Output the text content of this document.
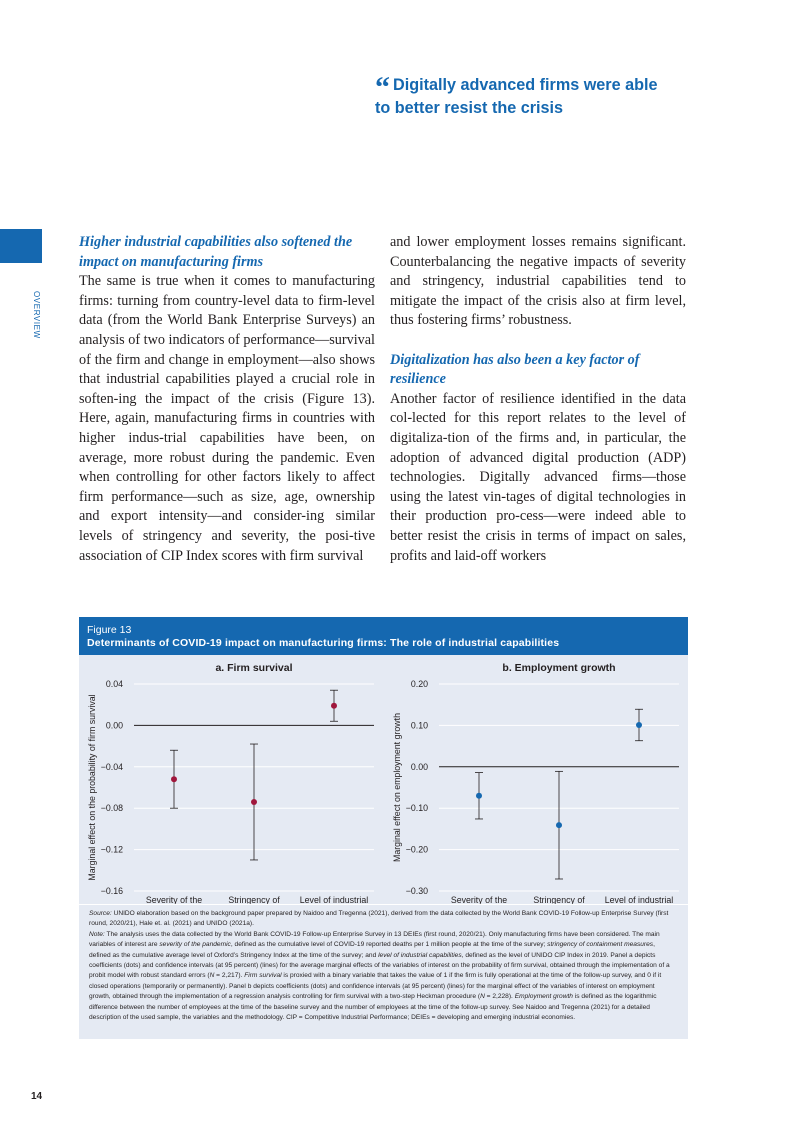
“ Digitally advanced firms were able to better resist the crisis
OVERVIEW
Higher industrial capabilities also softened the impact on manufacturing firms

The same is true when it comes to manufacturing firms: turning from country-level data to firm-level data (from the World Bank Enterprise Surveys) an analysis of two indicators of performance—survival of the firm and change in employment—also shows that industrial capabilities played a crucial role in soften-ing the impact of the crisis (Figure 13). Here, again, manufacturing firms in countries with higher indus-trial capabilities have been, on average, more robust during the pandemic. Even when controlling for other factors likely to affect firm performance—such as size, age, ownership and export intensity—and consider-ing similar levels of stringency and severity, the posi-tive association of CIP Index scores with firm survival

and lower employment losses remains significant. Counterbalancing the negative impacts of severity and stringency, industrial capabilities tend to mitigate the impact of the crisis also at firm level, thus fostering firms’ robustness.

Digitalization has also been a key factor of resilience

Another factor of resilience identified in the data col-lected for this report relates to the level of digitaliza-tion of the firms and, in particular, the adoption of advanced digital production (ADP) technologies. Digitally advanced firms—those using the latest vin-tages of digital technologies in their production pro-cess—were indeed able to better resist the crisis in terms of impact on sales, profits and laid-off workers

Figure 13
Determinants of COVID-19 impact on manufacturing firms: The role of industrial capabilities
a. Firm survival
Marginal effect on the probability of firm survival
0.04
0.00
−0.04
−0.08
−0.12
−0.16
Severity of the	Stringency of Level of industrial
b. Employment growth
Marginal effect on employment growth
0.20
0.10
0.00
−0.10
−0.20
−0.30
Severity of the	Stringency of Level of industrial

Source: UNIDO elaboration based on the background paper prepared by Naidoo and Tregenna (2021), derived from the data collected by the World Bank COVID-19 Follow-up Enterprise Survey (first round, 2020/21), Hale et. al. (2021) and UNIDO (2021a).

Note: The analysis uses the data collected by the World Bank COVID-19 Follow-up Enterprise Survey in 13 DEIEs (first round, 2020/21). Only manufacturing firms have been considered. The main variables of interest are severity of the pandemic, defined as the cumulative level of COVID-19 reported deaths per 1 million people at the time of the survey; stringency of containment measures, defined as the cumulative average level of Oxford’s Stringency Index at the time of the survey; and level of industrial capabilities, defined as the level of UNIDO CIP Index in 2019. Panel a depicts coefficients (dots) and confidence intervals (at 95 percent) (lines) for the average marginal effects of the variables of interest on the probability of firm survival, obtained through the implementation of a probit model with robust standard errors (N = 2,217). Firm survival is proxied with a binary variable that takes the value of 1 if the firm is fully operational at the time of the follow-up survey, and 0 if it closed operations (temporarily or permanently). Panel b depicts coefficients (dots) and confidence intervals (at 95 percent) (lines) for the marginal effect of the variables of interest on employment growth, obtained through the implementation of a regression analysis controlling for firm survival with a two-step Heckman procedure (N = 2,228). Employment growth is defined as the logarithmic difference between the number of employees at the time of the baseline survey and the number of employees at the time of the follow-up survey. See Naidoo and Tregenna (2021) for a detailed description of the used sample, the variables and the methodology. CIP = Competitive Industrial Performance; DEIEs = developing and emerging industrial economies.

14
